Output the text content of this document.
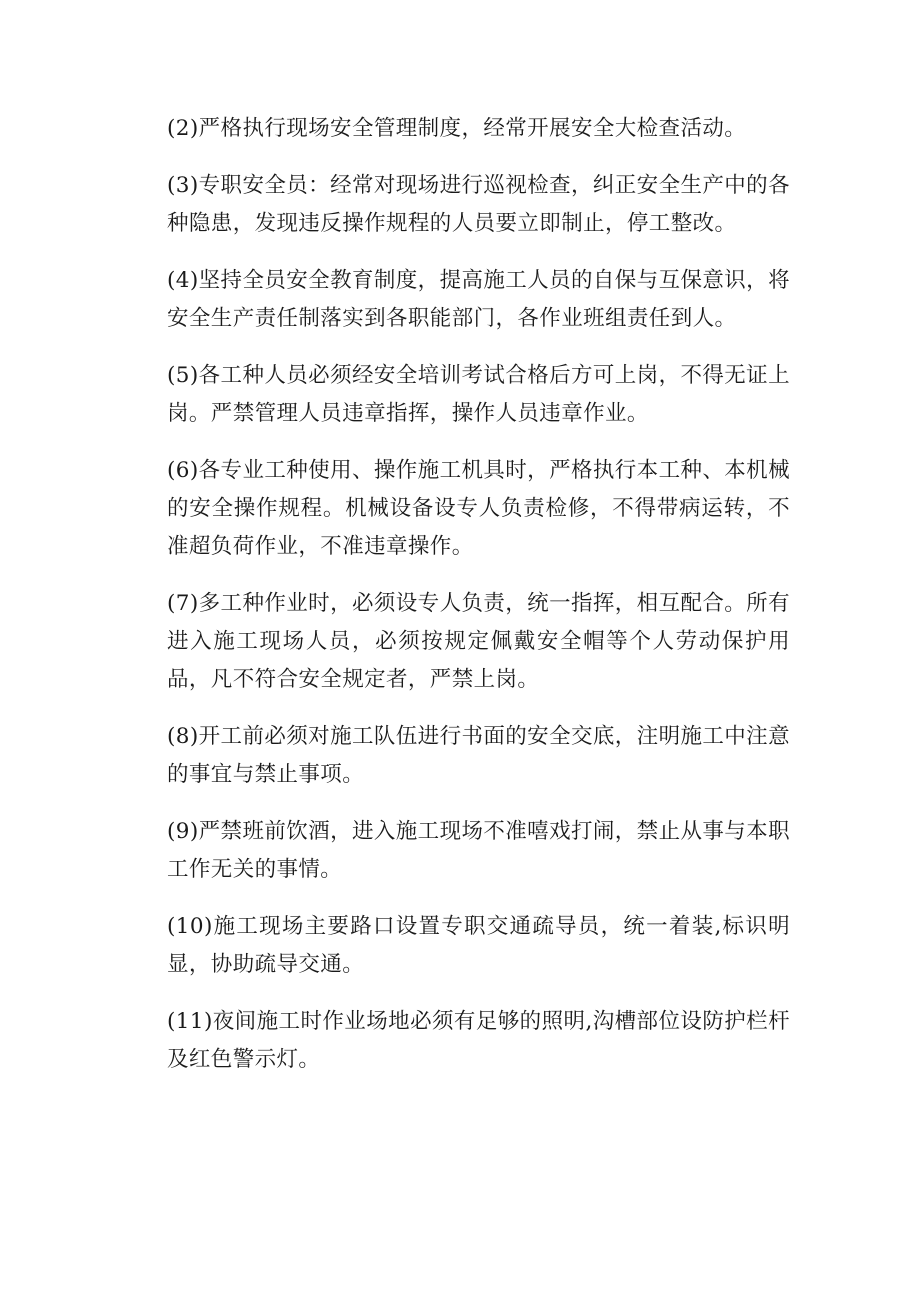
(2)严格执行现场安全管理制度，经常开展安全大检查活动。

(3)专职安全员：经常对现场进行巡视检查，纠正安全生产中的各种隐患，发现违反操作规程的人员要立即制止，停工整改。

(4)坚持全员安全教育制度，提高施工人员的自保与互保意识，将安全生产责任制落实到各职能部门，各作业班组责任到人。

(5)各工种人员必须经安全培训考试合格后方可上岗，不得无证上岗。严禁管理人员违章指挥，操作人员违章作业。

(6)各专业工种使用、操作施工机具时，严格执行本工种、本机械的安全操作规程。机械设备设专人负责检修，不得带病运转，不准超负荷作业，不准违章操作。

(7)多工种作业时，必须设专人负责，统一指挥，相互配合。所有进入施工现场人员，必须按规定佩戴安全帽等个人劳动保护用品，凡不符合安全规定者，严禁上岗。

(8)开工前必须对施工队伍进行书面的安全交底，注明施工中注意的事宜与禁止事项。

(9)严禁班前饮酒，进入施工现场不准嘻戏打闹，禁止从事与本职工作无关的事情。

(10)施工现场主要路口设置专职交通疏导员，统一着装,标识明显，协助疏导交通。

(11)夜间施工时作业场地必须有足够的照明,沟槽部位设防护栏杆及红色警示灯。
